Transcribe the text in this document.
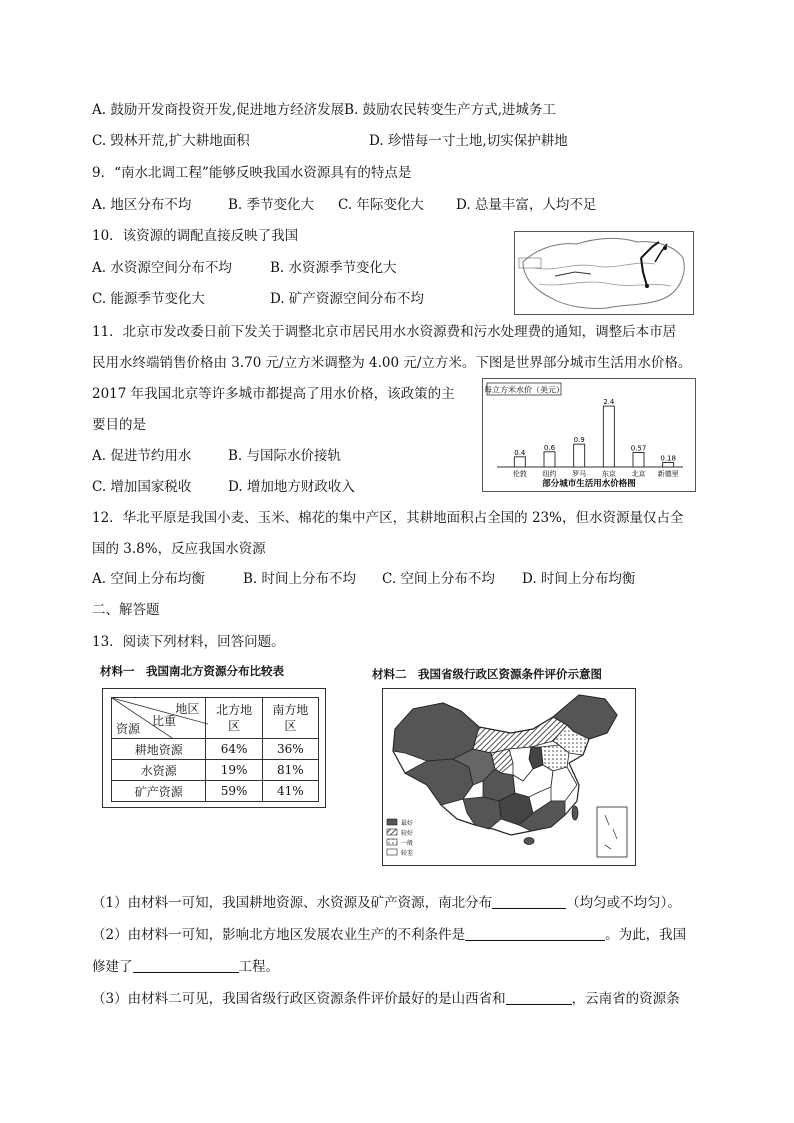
A. 鼓励开发商投资开发,促进地方经济发展B. 鼓励农民转变生产方式,进城务工
C. 毁林开荒,扩大耕地面积	D. 珍惜每一寸土地,切实保护耕地
9．“南水北调工程”能够反映我国水资源具有的特点是
A. 地区分布不均	B. 季节变化大 C. 年际变化大 D. 总量丰富，人均不足
10．该资源的调配直接反映了我国
A. 水资源空间分布不均	B. 水资源季节变化大
C. 能源季节变化大	D. 矿产资源空间分布不均
11．北京市发改委日前下发关于调整北京市居民用水水资源费和污水处理费的通知，调整后本市居
民用水终端销售价格由 3.70 元/立方米调整为 4.00 元/立方米。下图是世界部分城市生活用水价格。
2017 年我国北京等许多城市都提高了用水价格，该政策的主
要目的是
A. 促进节约用水	B. 与国际水价接轨
C. 增加国家税收	D. 增加地方财政收入
每立方米水价（美元）
0.4
伦敦
0.6
纽约
0.9
罗马
2.4
东京
0.57
北京
0.18
新德里
部分城市生活用水价格图
12．华北平原是我国小麦、玉米、棉花的集中产区，其耕地面积占全国的 23%，但水资源量仅占全
国的 3.8%，反应我国水资源
A. 空间上分布均衡	B. 时间上分布不均 C. 空间上分布不均 D. 时间上分布均衡
二、解答题
13．阅读下列材料，回答问题。
材料一　我国南北方资源分布比较表
地区
比重
资源	北方地区	南方地区
耕地资源	64%	36%
水资源	19%	81%
矿产资源	59%	41%
材料二　我国省级行政区资源条件评价示意图
最好
较好
一般
较差
（1）由材料一可知，我国耕地资源、水资源及矿产资源，南北分布	（均匀或不均匀）。
（2）由材料一可知，影响北方地区发展农业生产的不利条件是	。为此，我国
修建了	工程。
（3）由材料二可见，我国省级行政区资源条件评价最好的是山西省和	，云南省的资源条
